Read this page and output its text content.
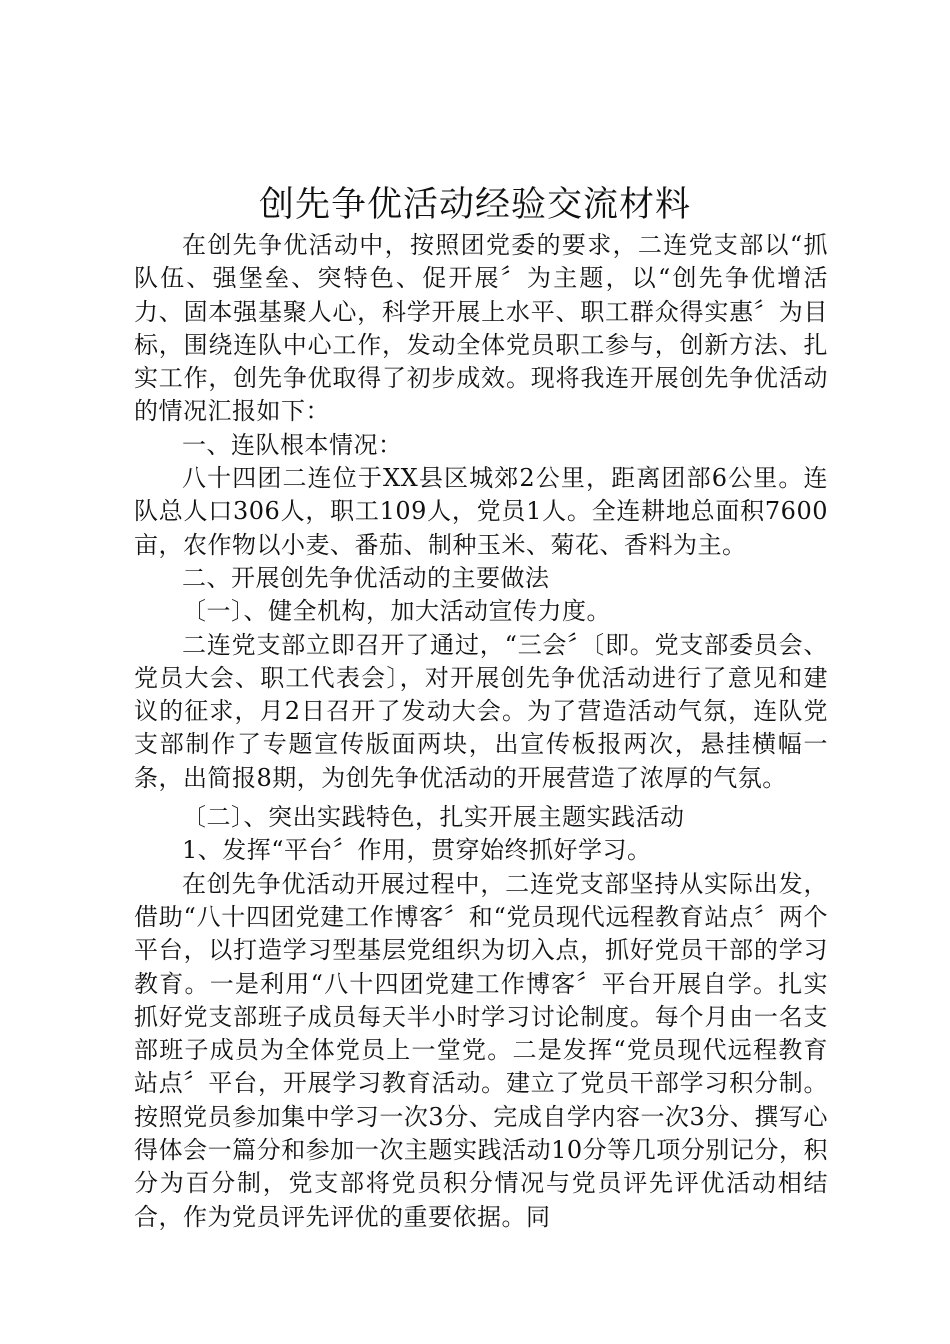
创先争优活动经验交流材料

在创先争优活动中，按照团党委的要求，二连党支部以“抓队伍、强堡垒、突特色、促开展〞为主题，以“创先争优增活力、固本强基聚人心，科学开展上水平、职工群众得实惠〞为目标，围绕连队中心工作，发动全体党员职工参与，创新方法、扎实工作，创先争优取得了初步成效。现将我连开展创先争优活动的情况汇报如下：

一、连队根本情况：

八十四团二连位于XX县区城郊2公里，距离团部6公里。连队总人口306人，职工109人，党员1人。全连耕地总面积7600亩，农作物以小麦、番茄、制种玉米、菊花、香料为主。

二、开展创先争优活动的主要做法

〔一〕、健全机构，加大活动宣传力度。

二连党支部立即召开了通过，“三会〞〔即。党支部委员会、党员大会、职工代表会〕，对开展创先争优活动进行了意见和建议的征求，月2日召开了发动大会。为了营造活动气氛，连队党支部制作了专题宣传版面两块，出宣传板报两次，悬挂横幅一条，出简报8期，为创先争优活动的开展营造了浓厚的气氛。

〔二〕、突出实践特色，扎实开展主题实践活动

1、发挥“平台〞作用，贯穿始终抓好学习。

在创先争优活动开展过程中，二连党支部坚持从实际出发，借助“八十四团党建工作博客〞和“党员现代远程教育站点〞两个平台，以打造学习型基层党组织为切入点，抓好党员干部的学习教育。一是利用“八十四团党建工作博客〞平台开展自学。扎实抓好党支部班子成员每天半小时学习讨论制度。每个月由一名支部班子成员为全体党员上一堂党。二是发挥“党员现代远程教育站点〞平台，开展学习教育活动。建立了党员干部学习积分制。按照党员参加集中学习一次3分、完成自学内容一次3分、撰写心得体会一篇分和参加一次主题实践活动10分等几项分别记分，积分为百分制，党支部将党员积分情况与党员评先评优活动相结合，作为党员评先评优的重要依据。同
